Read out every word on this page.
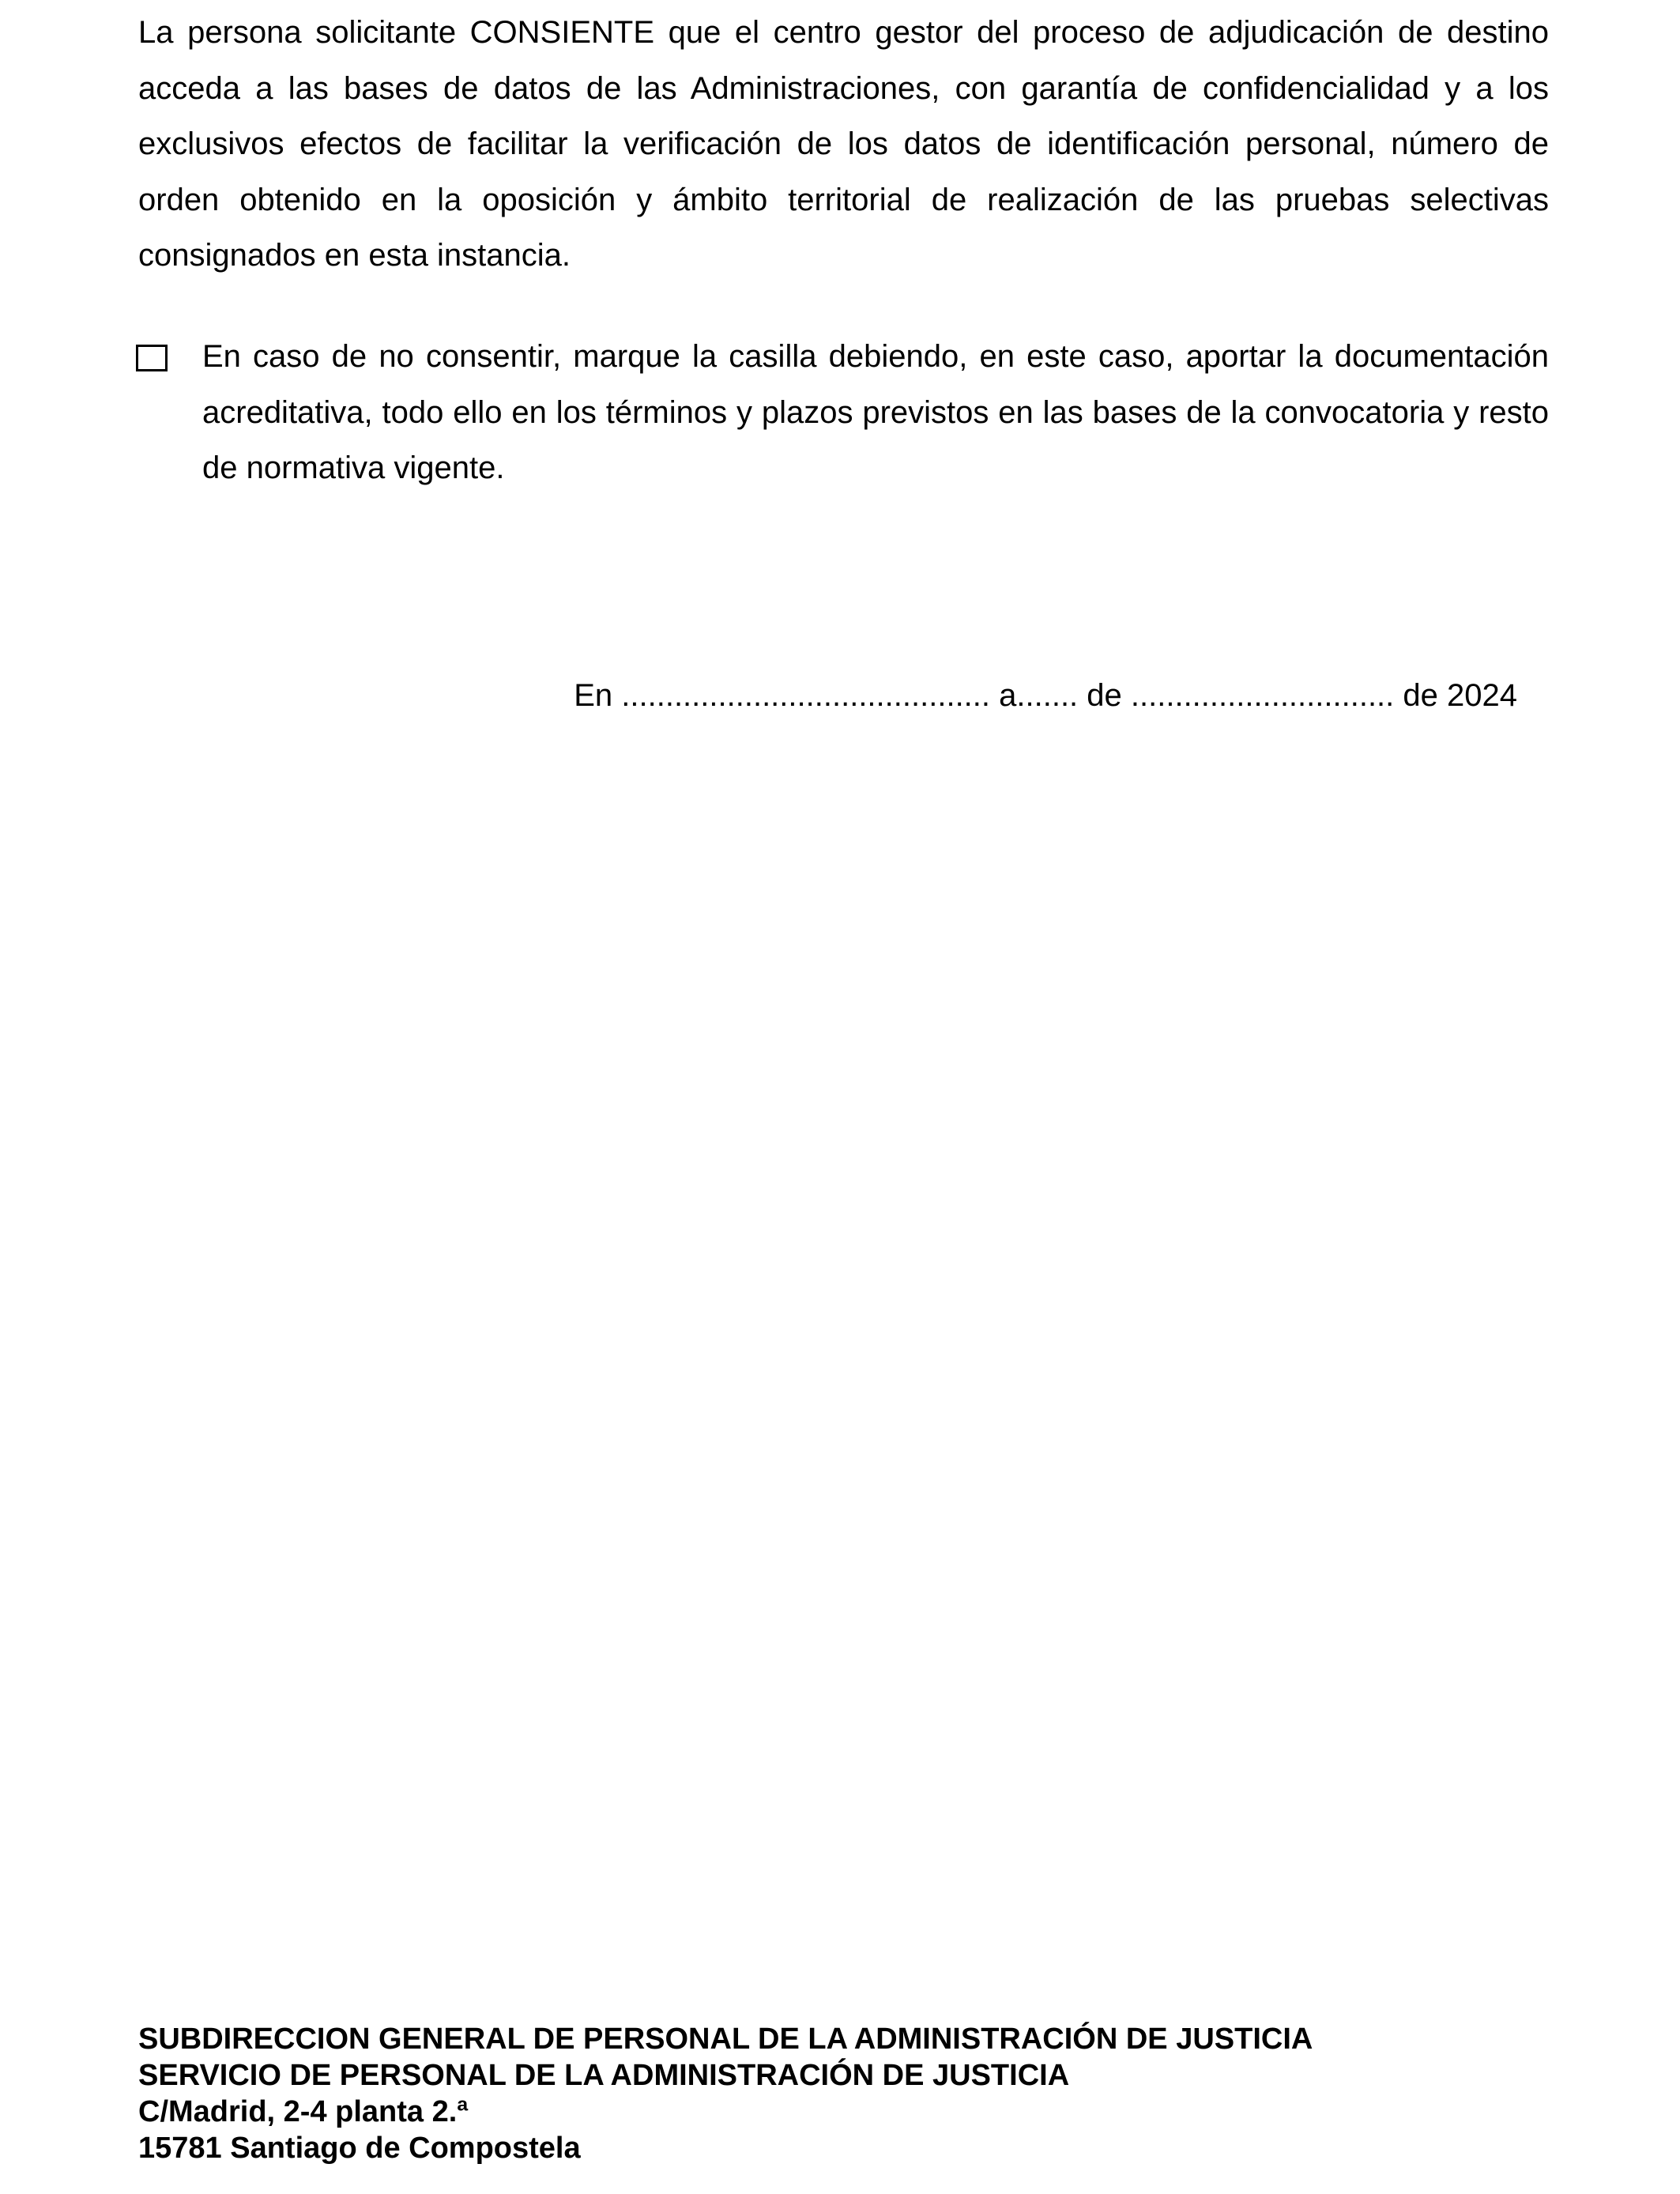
La persona solicitante CONSIENTE que el centro gestor del proceso de adjudicación de destino acceda a las bases de datos de las Administraciones, con garantía de confidencialidad y a los exclusivos efectos de facilitar la verificación de los datos de identificación personal, número de orden obtenido en la oposición y ámbito territorial de realización de las pruebas selectivas consignados en esta instancia.

En caso de no consentir, marque la casilla debiendo, en este caso, aportar la documentación acreditativa, todo ello en los términos y plazos previstos en las bases de la convocatoria y resto de normativa vigente.

En .......................................... a....... de .............................. de 2024
SUBDIRECCION GENERAL DE PERSONAL DE LA ADMINISTRACIÓN DE JUSTICIA
SERVICIO DE PERSONAL DE LA ADMINISTRACIÓN DE JUSTICIA
C/Madrid, 2-4 planta 2.ª
15781 Santiago de Compostela
